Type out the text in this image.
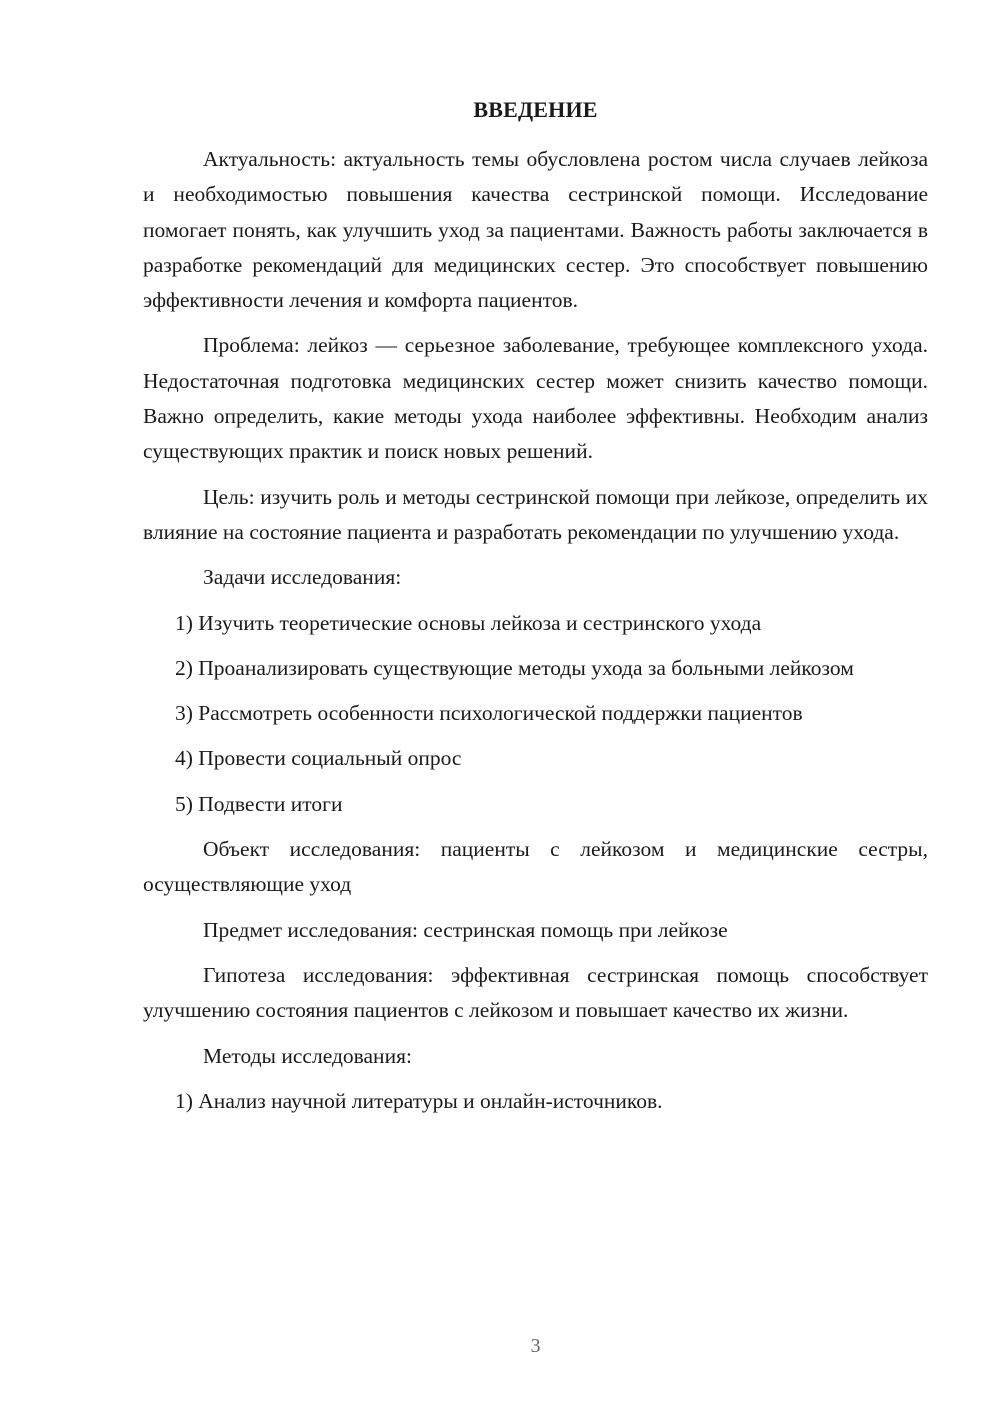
ВВЕДЕНИЕ

Актуальность: актуальность темы обусловлена ростом числа случаев лейкоза и необходимостью повышения качества сестринской помощи. Исследование помогает понять, как улучшить уход за пациентами. Важность работы заключается в разработке рекомендаций для медицинских сестер. Это способствует повышению эффективности лечения и комфорта пациентов.

Проблема: лейкоз — серьезное заболевание, требующее комплексного ухода. Недостаточная подготовка медицинских сестер может снизить качество помощи. Важно определить, какие методы ухода наиболее эффективны. Необходим анализ существующих практик и поиск новых решений.

Цель: изучить роль и методы сестринской помощи при лейкозе, определить их влияние на состояние пациента и разработать рекомендации по улучшению ухода.

Задачи исследования:

1) Изучить теоретические основы лейкоза и сестринского ухода

2) Проанализировать существующие методы ухода за больными лейкозом

3) Рассмотреть особенности психологической поддержки пациентов

4) Провести социальный опрос

5) Подвести итоги

Объект исследования: пациенты с лейкозом и медицинские сестры, осуществляющие уход

Предмет исследования: сестринская помощь при лейкозе

Гипотеза исследования: эффективная сестринская помощь способствует улучшению состояния пациентов с лейкозом и повышает качество их жизни.

Методы исследования:

1) Анализ научной литературы и онлайн-источников.

3
